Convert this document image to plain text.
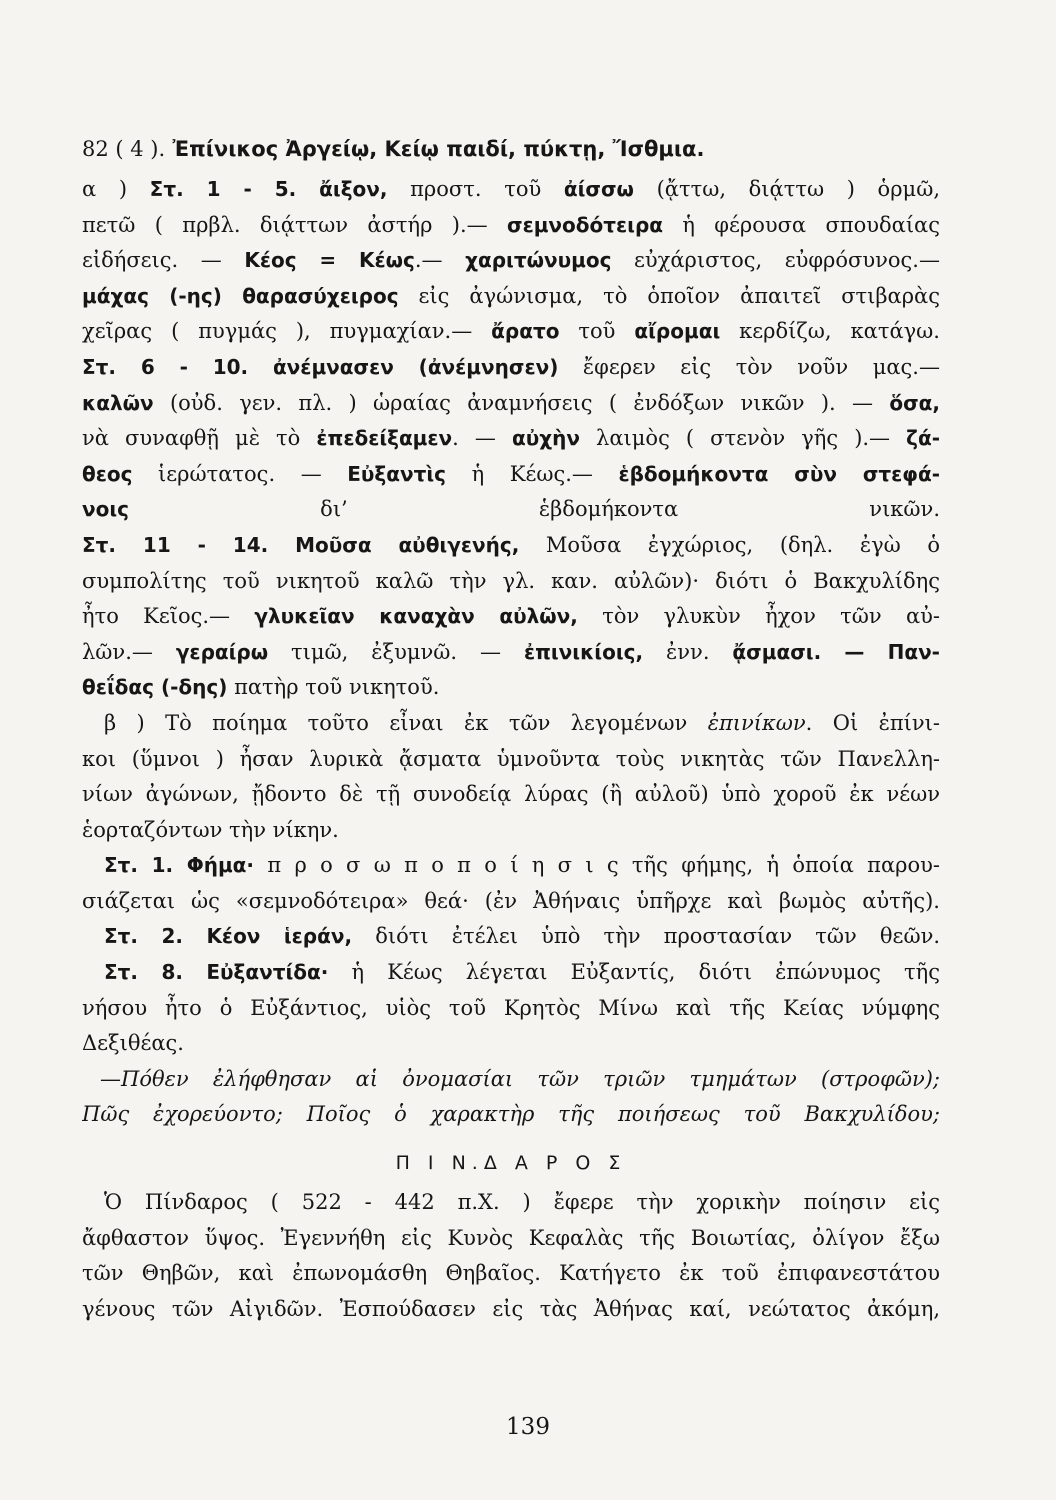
82 ( 4 ). Ἐπίνικος Ἀργείῳ, Κείῳ παιδί, πύκτῃ, Ἴσθμια.
α ) Στ. 1 - 5. ἄιξον, προστ. τοῦ ἀίσσω (ᾄττω, διᾴττω ) ὁρμῶ,
πετῶ ( πρβλ. διᾴττων ἀστήρ ).— σεμνοδότειρα ἡ φέρουσα σπουδαίας
εἰδήσεις. — Κέος = Κέως.— χαριτώνυμος εὐχάριστος, εὐφρόσυνος.—
μάχας (-ης) θαρασύχειρος εἰς ἀγώνισμα, τὸ ὁποῖον ἀπαιτεῖ στιβαρὰς
χεῖρας ( πυγμάς ), πυγμαχίαν.— ἄρατο τοῦ αἴρομαι κερδίζω, κατάγω.
Στ. 6 - 10. ἀνέμνασεν (ἀνέμνησεν) ἔφερεν εἰς τὸν νοῦν μας.—
καλῶν (οὐδ. γεν. πλ. ) ὡραίας ἀναμνήσεις ( ἐνδόξων νικῶν ). — ὅσα,
νὰ συναφθῇ μὲ τὸ ἐπεδείξαμεν. — αὐχὴν λαιμὸς ( στενὸν γῆς ).— ζά-
θεος ἱερώτατος. — Εὐξαντὶς ἡ Κέως.— ἑβδομήκοντα σὺν στεφά-
νοις δι’ ἑβδομήκοντα νικῶν.
Στ. 11 - 14. Μοῦσα αὐθιγενής, Μοῦσα ἐγχώριος, (δηλ. ἐγὼ ὁ
συμπολίτης τοῦ νικητοῦ καλῶ τὴν γλ. καν. αὐλῶν)· διότι ὁ Βακχυλίδης
ἦτο Κεῖος.— γλυκεῖαν καναχὰν αὐλῶν, τὸν γλυκὺν ἦχον τῶν αὐ-
λῶν.— γεραίρω τιμῶ, ἐξυμνῶ. — ἐπινικίοις, ἐνν. ᾄσμασι. — Παν-
θεΐδας (-δης) πατὴρ τοῦ νικητοῦ.
β ) Τὸ ποίημα τοῦτο εἶναι ἐκ τῶν λεγομένων ἐπινίκων. Οἱ ἐπίνι-
κοι (ὕμνοι ) ἦσαν λυρικὰ ᾄσματα ὑμνοῦντα τοὺς νικητὰς τῶν Πανελλη-
νίων ἀγώνων, ᾔδοντο δὲ τῇ συνοδείᾳ λύρας (ἢ αὐλοῦ) ὑπὸ χοροῦ ἐκ νέων
ἑορταζόντων τὴν νίκην.
Στ. 1. Φήμα· π ρ ο σ ω π ο π ο ί η σ ι ς τῆς φήμης, ἡ ὁποία παρου-
σιάζεται ὡς «σεμνοδότειρα» θεά· (ἐν Ἀθήναις ὑπῆρχε καὶ βωμὸς αὐτῆς).
Στ. 2. Κέον ἱεράν, διότι ἐτέλει ὑπὸ τὴν προστασίαν τῶν θεῶν.
Στ. 8. Εὐξαντίδα· ἡ Κέως λέγεται Εὐξαντίς, διότι ἐπώνυμος τῆς
νήσου ἦτο ὁ Εὐξάντιος, υἱὸς τοῦ Κρητὸς Μίνω καὶ τῆς Κείας νύμφης
Δεξιθέας.
—Πόθεν ἐλήφθησαν αἱ ὀνομασίαι τῶν τριῶν τμημάτων (στροφῶν);
Πῶς ἐχορεύοντο; Ποῖος ὁ χαρακτὴρ τῆς ποιήσεως τοῦ Βακχυλίδου;
Π Ι Ν.Δ Α Ρ Ο Σ
Ὁ Πίνδαρος ( 522 - 442 π.Χ. ) ἔφερε τὴν χορικὴν ποίησιν εἰς
ἄφθαστον ὕψος. Ἐγεννήθη εἰς Κυνὸς Κεφαλὰς τῆς Βοιωτίας, ὀλίγον ἔξω
τῶν Θηβῶν, καὶ ἐπωνομάσθη Θηβαῖος. Κατήγετο ἐκ τοῦ ἐπιφανεστάτου
γένους τῶν Αἰγιδῶν. Ἐσπούδασεν εἰς τὰς Ἀθήνας καί, νεώτατος ἀκόμη,
139
